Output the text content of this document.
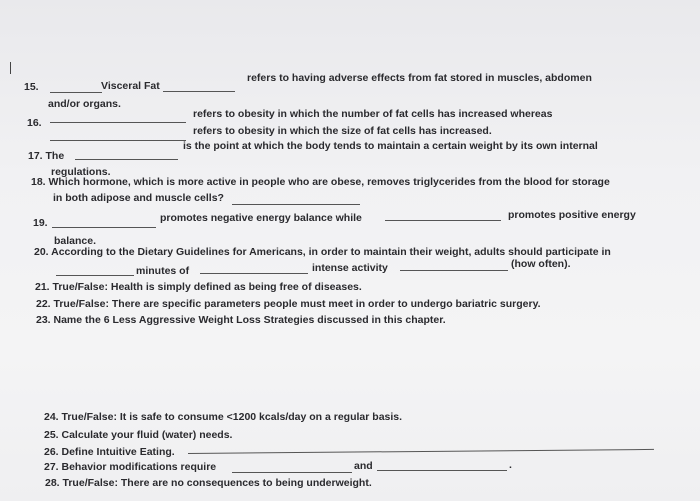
15.	Visceral Fat
refers to having adverse effects from fat stored in muscles, abdomen
and/or organs.
16.
refers to obesity in which the number of fat cells has increased whereas
refers to obesity in which the size of fat cells has increased.
17. The
is the point at which the body tends to maintain a certain weight by its own internal
regulations.
18. Which hormone, which is more active in people who are obese, removes triglycerides from the blood for storage
in both adipose and muscle cells?
19.	promotes negative energy balance while	promotes positive energy
balance.
20. According to the Dietary Guidelines for Americans, in order to maintain their weight, adults should participate in
minutes of	intense activity	(how often).
21. True/False: Health is simply defined as being free of diseases.
22. True/False: There are specific parameters people must meet in order to undergo bariatric surgery.
23. Name the 6 Less Aggressive Weight Loss Strategies discussed in this chapter.
24. True/False: It is safe to consume <1200 kcals/day on a regular basis.
25. Calculate your fluid (water) needs.
26. Define Intuitive Eating.
27. Behavior modifications require	and	.
28. True/False: There are no consequences to being underweight.
